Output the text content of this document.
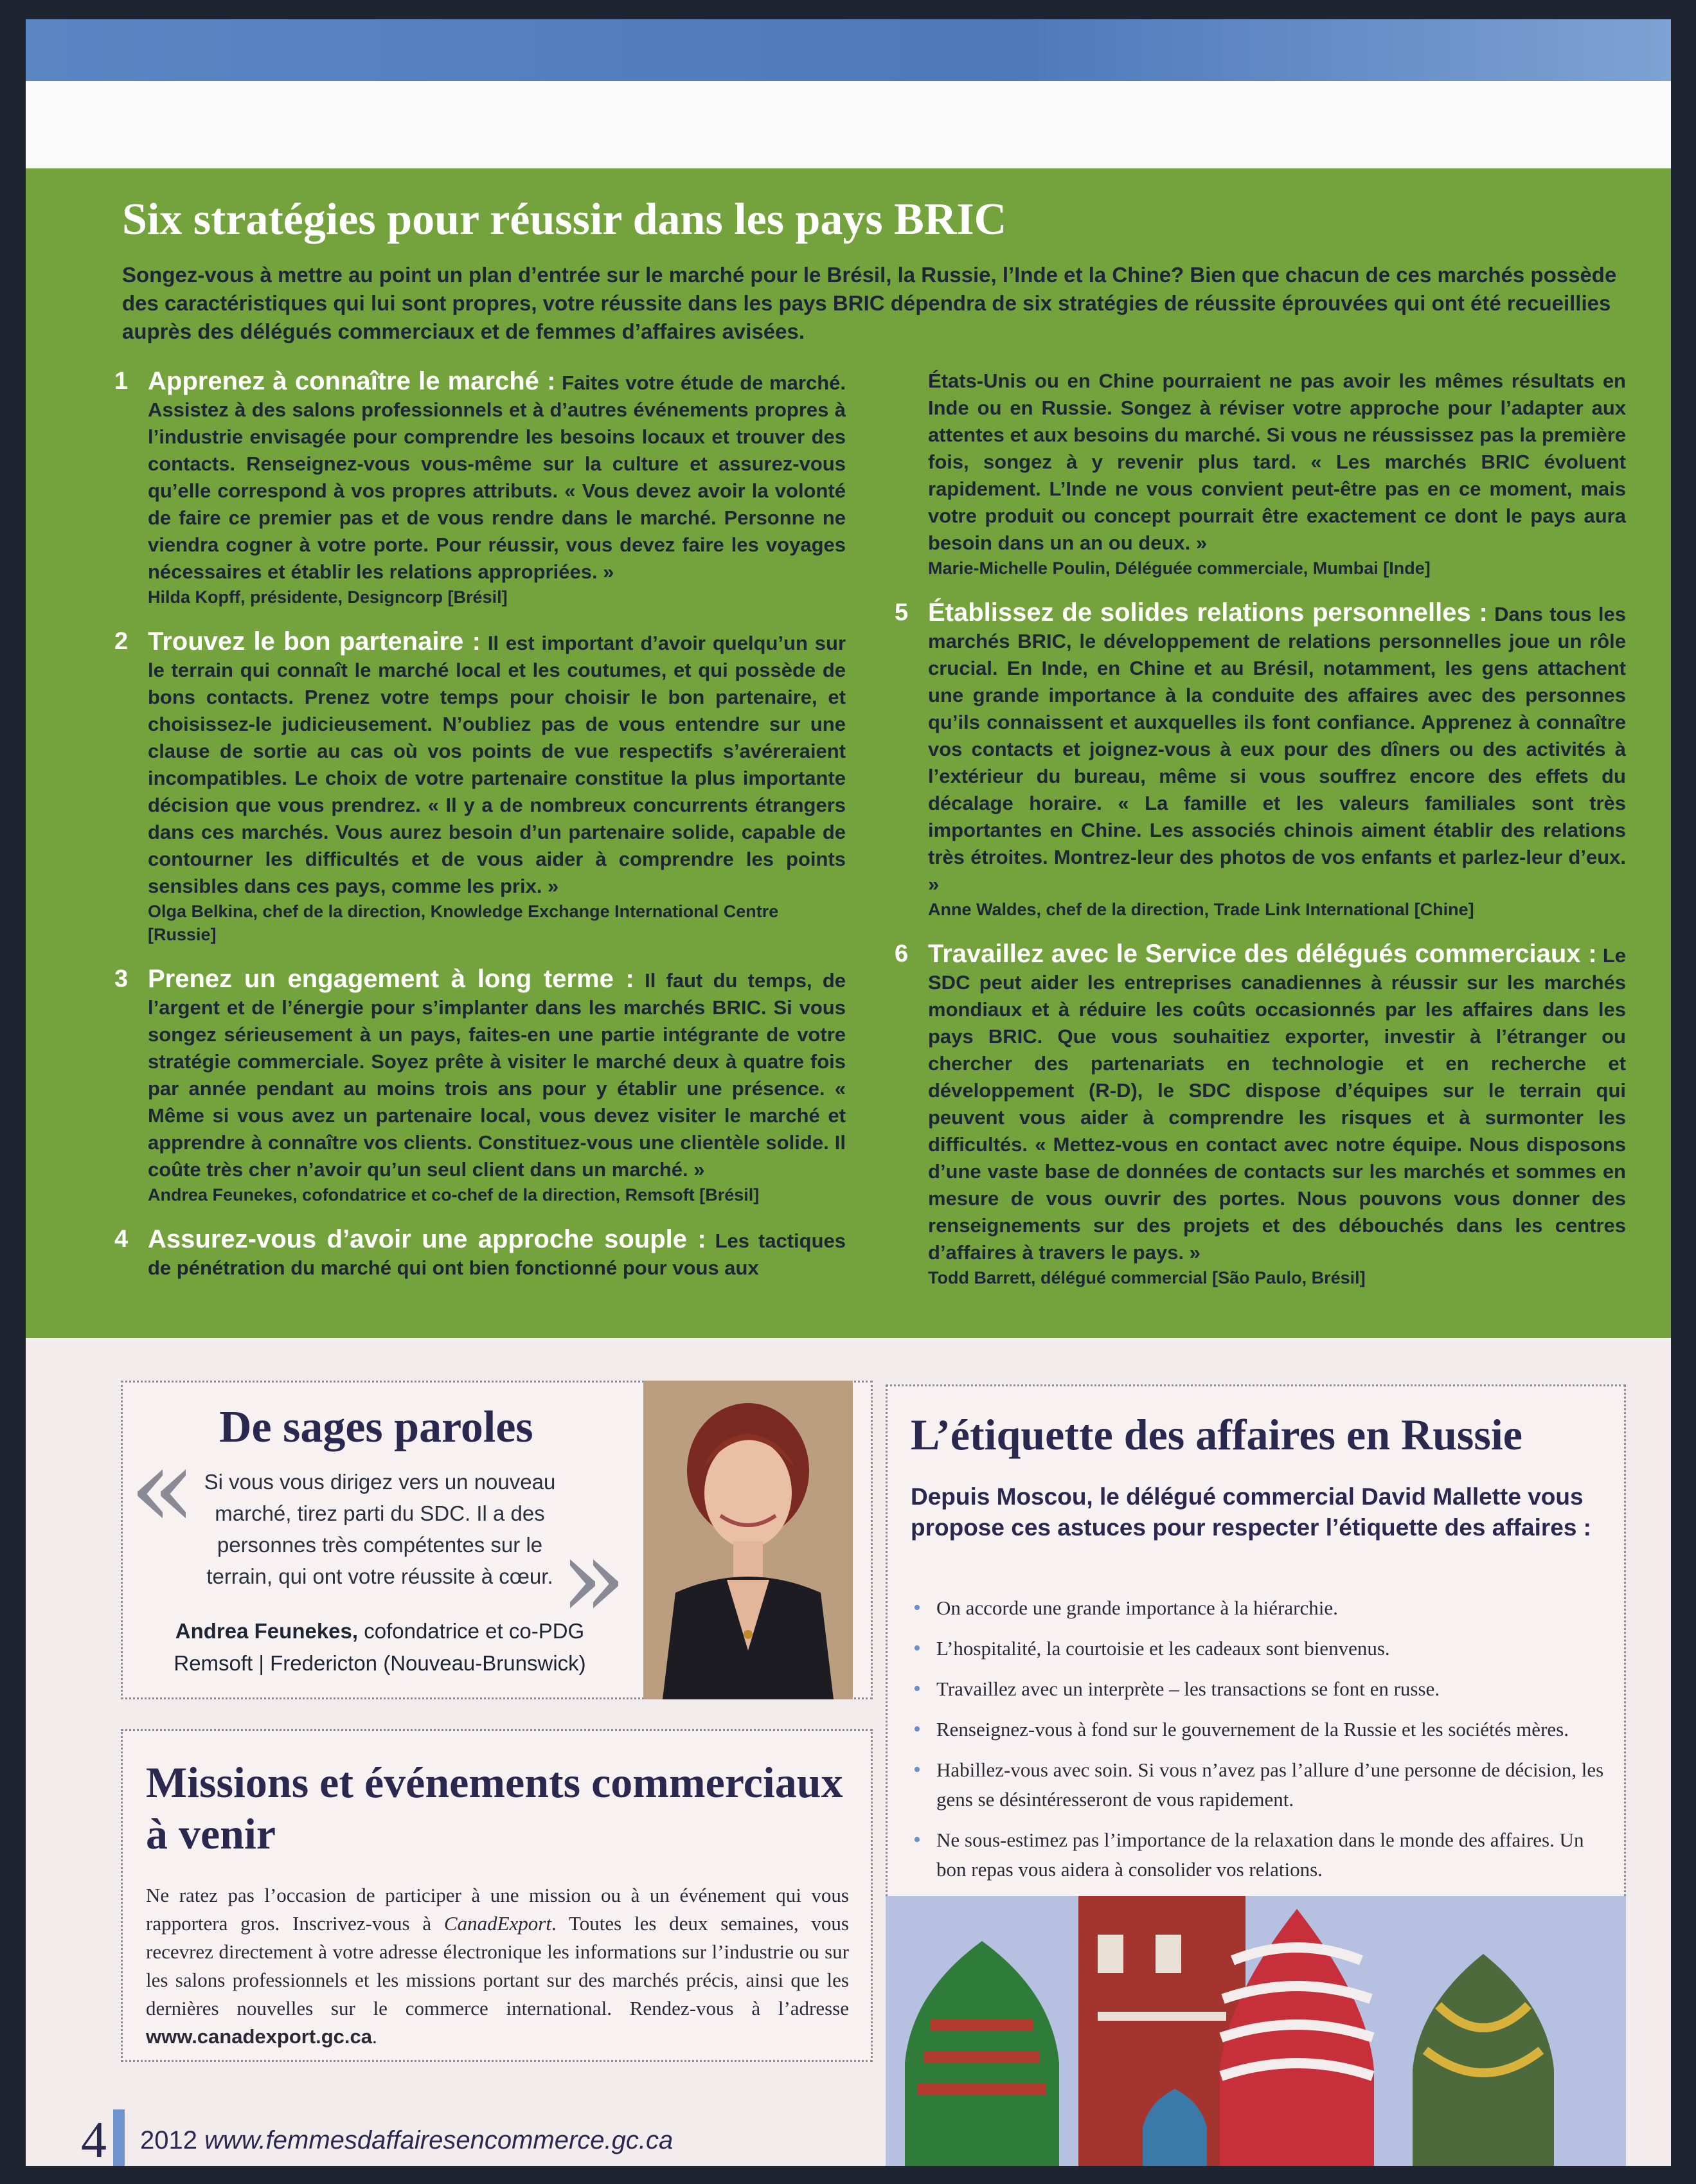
Six stratégies pour réussir dans les pays BRIC

Songez-vous à mettre au point un plan d’entrée sur le marché pour le Brésil, la Russie, l’Inde et la Chine? Bien que chacun de ces marchés possède des caractéristiques qui lui sont propres, votre réussite dans les pays BRIC dépendra de six stratégies de réussite éprouvées qui ont été recueillies auprès des délégués commerciaux et de femmes d’affaires avisées.

1 Apprenez à connaître le marché : Faites votre étude de marché. Assistez à des salons professionnels et à d’autres événements propres à l’industrie envisagée pour comprendre les besoins locaux et trouver des contacts. Renseignez-vous vous-même sur la culture et assurez-vous qu’elle correspond à vos propres attributs. « Vous devez avoir la volonté de faire ce premier pas et de vous rendre dans le marché. Personne ne viendra cogner à votre porte. Pour réussir, vous devez faire les voyages nécessaires et établir les relations appropriées. »

Hilda Kopff, présidente, Designcorp [Brésil]

2 Trouvez le bon partenaire : Il est important d’avoir quelqu’un sur le terrain qui connaît le marché local et les coutumes, et qui possède de bons contacts. Prenez votre temps pour choisir le bon partenaire, et choisissez-le judicieusement. N’oubliez pas de vous entendre sur une clause de sortie au cas où vos points de vue respectifs s’avéreraient incompatibles. Le choix de votre partenaire constitue la plus importante décision que vous prendrez. « Il y a de nombreux concurrents étrangers dans ces marchés. Vous aurez besoin d’un partenaire solide, capable de contourner les difficultés et de vous aider à comprendre les points sensibles dans ces pays, comme les prix. »

Olga Belkina, chef de la direction, Knowledge Exchange International Centre [Russie]

3 Prenez un engagement à long terme : Il faut du temps, de l’argent et de l’énergie pour s’implanter dans les marchés BRIC. Si vous songez sérieusement à un pays, faites-en une partie intégrante de votre stratégie commerciale. Soyez prête à visiter le marché deux à quatre fois par année pendant au moins trois ans pour y établir une présence. « Même si vous avez un partenaire local, vous devez visiter le marché et apprendre à connaître vos clients. Constituez-vous une clientèle solide. Il coûte très cher n’avoir qu’un seul client dans un marché. »

Andrea Feunekes, cofondatrice et co-chef de la direction, Remsoft [Brésil]

4 Assurez-vous d’avoir une approche souple : Les tactiques de pénétration du marché qui ont bien fonctionné pour vous aux

États-Unis ou en Chine pourraient ne pas avoir les mêmes résultats en Inde ou en Russie. Songez à réviser votre approche pour l’adapter aux attentes et aux besoins du marché. Si vous ne réussissez pas la première fois, songez à y revenir plus tard. « Les marchés BRIC évoluent rapidement. L’Inde ne vous convient peut-être pas en ce moment, mais votre produit ou concept pourrait être exactement ce dont le pays aura besoin dans un an ou deux. »

Marie-Michelle Poulin, Déléguée commerciale, Mumbai [Inde]

5 Établissez de solides relations personnelles : Dans tous les marchés BRIC, le développement de relations personnelles joue un rôle crucial. En Inde, en Chine et au Brésil, notamment, les gens attachent une grande importance à la conduite des affaires avec des personnes qu’ils connaissent et auxquelles ils font confiance. Apprenez à connaître vos contacts et joignez-vous à eux pour des dîners ou des activités à l’extérieur du bureau, même si vous souffrez encore des effets du décalage horaire. « La famille et les valeurs familiales sont très importantes en Chine. Les associés chinois aiment établir des relations très étroites. Montrez-leur des photos de vos enfants et parlez-leur d’eux. »

Anne Waldes, chef de la direction, Trade Link International [Chine]

6 Travaillez avec le Service des délégués commerciaux : Le SDC peut aider les entreprises canadiennes à réussir sur les marchés mondiaux et à réduire les coûts occasionnés par les affaires dans les pays BRIC. Que vous souhaitiez exporter, investir à l’étranger ou chercher des partenariats en technologie et en recherche et développement (R-D), le SDC dispose d’équipes sur le terrain qui peuvent vous aider à comprendre les risques et à surmonter les difficultés. « Mettez-vous en contact avec notre équipe. Nous disposons d’une vaste base de données de contacts sur les marchés et sommes en mesure de vous ouvrir des portes. Nous pouvons vous donner des renseignements sur des projets et des débouchés dans les centres d’affaires à travers le pays. »

Todd Barrett, délégué commercial [São Paulo, Brésil]

De sages paroles
« Si vous vous dirigez vers un nouveau marché, tirez parti du SDC. Il a des personnes très compétentes sur le terrain, qui ont votre réussite à cœur. »

Andrea Feunekes, cofondatrice et co-PDG
Remsoft | Fredericton (Nouveau-Brunswick)

Missions et événements commerciaux à venir

Ne ratez pas l’occasion de participer à une mission ou à un événement qui vous rapportera gros. Inscrivez-vous à CanadExport. Toutes les deux semaines, vous recevrez directement à votre adresse électronique les informations sur l’industrie ou sur les salons professionnels et les missions portant sur des marchés précis, ainsi que les dernières nouvelles sur le commerce international. Rendez-vous à l’adresse www.canadexport.gc.ca.

L’étiquette des affaires en Russie

Depuis Moscou, le délégué commercial David Mallette vous propose ces astuces pour respecter l’étiquette des affaires :

• On accorde une grande importance à la hiérarchie.
• L’hospitalité, la courtoisie et les cadeaux sont bienvenus.
• Travaillez avec un interprète – les transactions se font en russe.
• Renseignez-vous à fond sur le gouvernement de la Russie et les sociétés mères.
• Habillez-vous avec soin. Si vous n’avez pas l’allure d’une personne de décision, les gens se désintéresseront de vous rapidement.
• Ne sous-estimez pas l’importance de la relaxation dans le monde des affaires. Un bon repas vous aidera à consolider vos relations.
4 2012 www.femmesdaffairesencommerce.gc.ca
